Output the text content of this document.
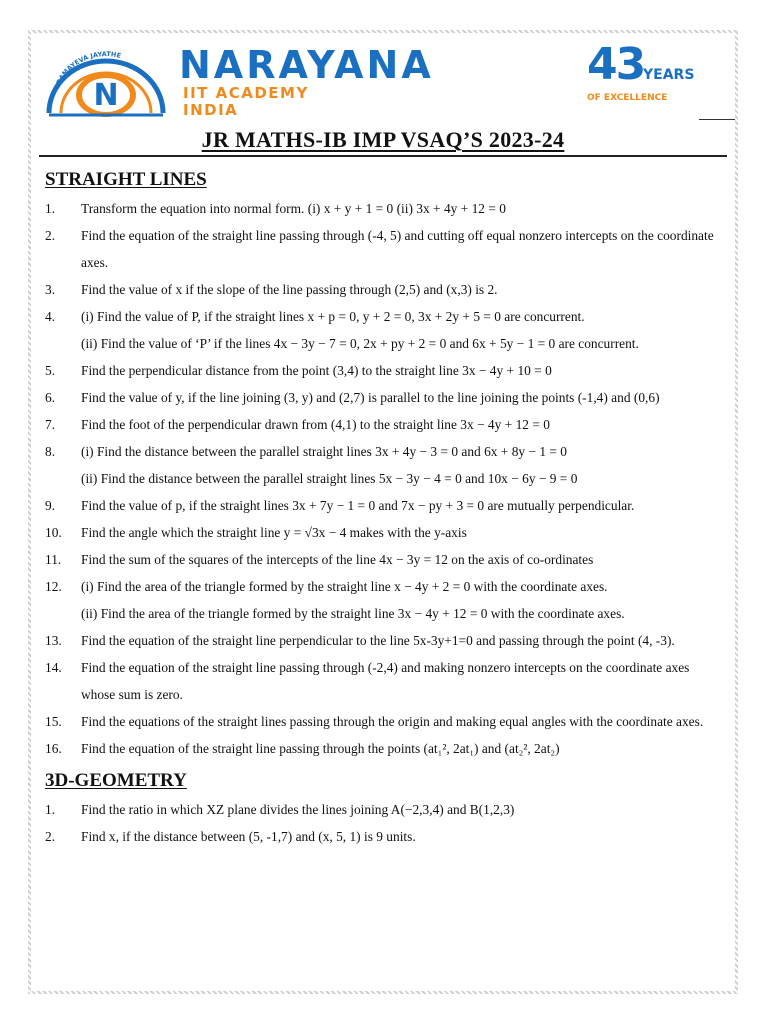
N
SRAMAYEVA JAYATHE NARAYANA
IIT ACADEMY
INDIA
43
YEARS
OF EXCELLENCE
JR MATHS-IB IMP VSAQ’S 2023-24
STRAIGHT LINES
1.	Transform the equation into normal form. (i) x + y + 1 = 0 (ii) 3x + 4y + 12 = 0
2.	Find the equation of the straight line passing through (-4, 5) and cutting off equal nonzero intercepts on the coordinate axes.
3.	Find the value of x if the slope of the line passing through (2,5) and (x,3) is 2.
4.	(i) Find the value of P, if the straight lines x + p = 0, y + 2 = 0, 3x + 2y + 5 = 0 are concurrent.
(ii) Find the value of ‘P’ if the lines 4x − 3y − 7 = 0, 2x + py + 2 = 0 and 6x + 5y − 1 = 0 are concurrent.
5.	Find the perpendicular distance from the point (3,4) to the straight line 3x − 4y + 10 = 0
6.	Find the value of y, if the line joining (3, y) and (2,7) is parallel to the line joining the points (-1,4) and (0,6)
7.	Find the foot of the perpendicular drawn from (4,1) to the straight line 3x − 4y + 12 = 0
8.	(i) Find the distance between the parallel straight lines 3x + 4y − 3 = 0 and 6x + 8y − 1 = 0
(ii) Find the distance between the parallel straight lines 5x − 3y − 4 = 0 and 10x − 6y − 9 = 0
9.	Find the value of p, if the straight lines 3x + 7y − 1 = 0 and 7x − py + 3 = 0 are mutually perpendicular.
10.	Find the angle which the straight line y = √3x − 4 makes with the y-axis
11.	Find the sum of the squares of the intercepts of the line 4x − 3y = 12 on the axis of co-ordinates
12.	(i) Find the area of the triangle formed by the straight line x − 4y + 2 = 0 with the coordinate axes.
(ii) Find the area of the triangle formed by the straight line 3x − 4y + 12 = 0 with the coordinate axes.
13.	Find the equation of the straight line perpendicular to the line 5x-3y+1=0 and passing through the point (4, -3).
14.	Find the equation of the straight line passing through (-2,4) and making nonzero intercepts on the coordinate axes whose sum is zero.
15.	Find the equations of the straight lines passing through the origin and making equal angles with the coordinate axes.
16.	Find the equation of the straight line passing through the points (at₁², 2at₁) and (at₂², 2at₂)
3D-GEOMETRY
1.	Find the ratio in which XZ plane divides the lines joining A(−2,3,4) and B(1,2,3)
2.	Find x, if the distance between (5, -1,7) and (x, 5, 1) is 9 units.
